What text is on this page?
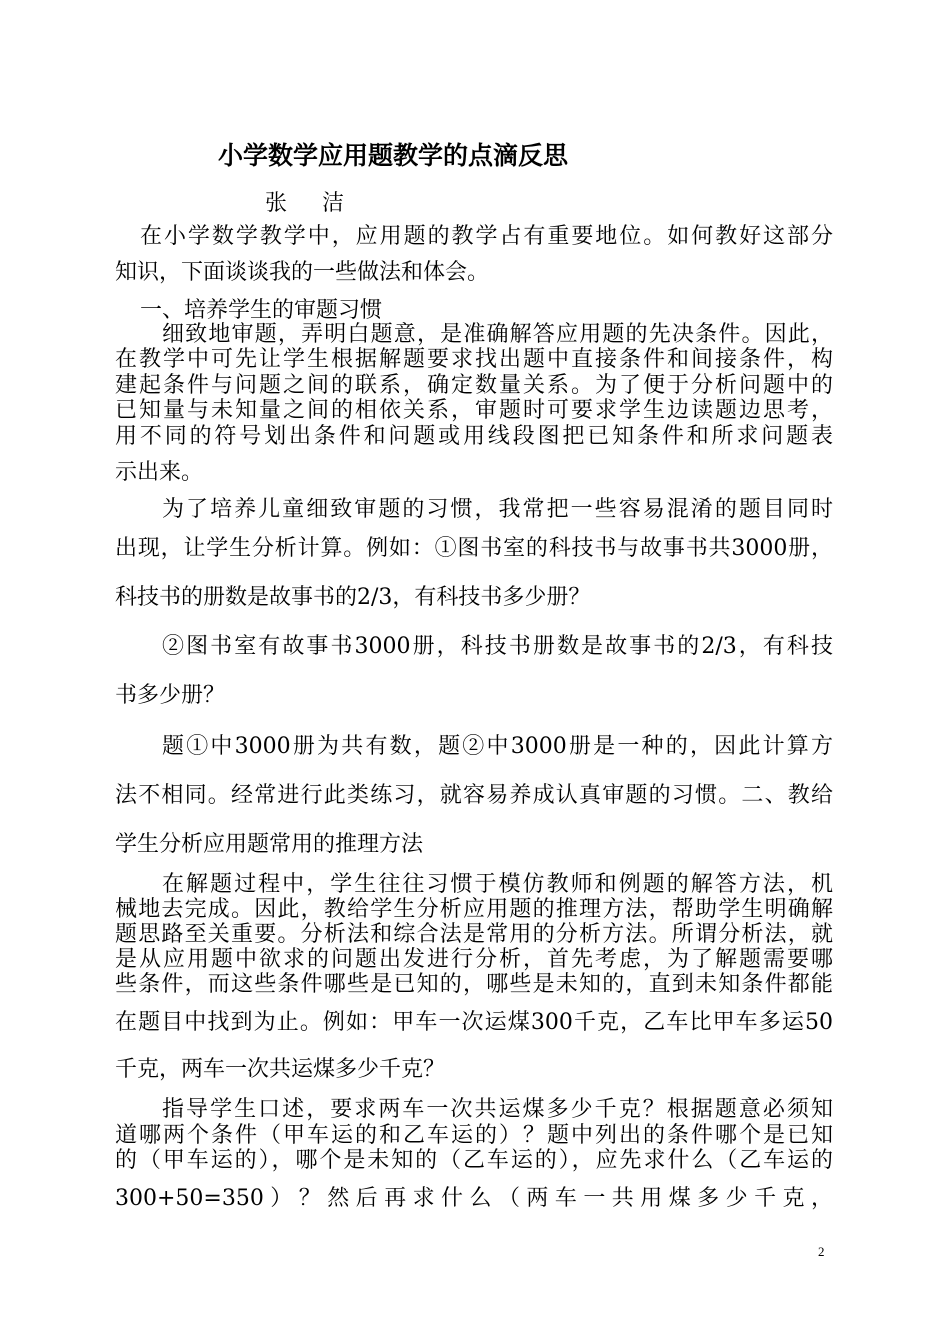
小学数学应用题教学的点滴反思
张 洁
在小学数学教学中，应用题的教学占有重要地位。如何教好这部分
知识，下面谈谈我的一些做法和体会。
一、培养学生的审题习惯
细致地审题，弄明白题意，是准确解答应用题的先决条件。因此，
在教学中可先让学生根据解题要求找出题中直接条件和间接条件，构
建起条件与问题之间的联系，确定数量关系。为了便于分析问题中的
已知量与未知量之间的相依关系，审题时可要求学生边读题边思考，
用不同的符号划出条件和问题或用线段图把已知条件和所求问题表
示出来。
为了培养儿童细致审题的习惯，我常把一些容易混淆的题目同时
出现，让学生分析计算。例如：①图书室的科技书与故事书共3000册，
科技书的册数是故事书的2/3，有科技书多少册？
②图书室有故事书3000册，科技书册数是故事书的2/3，有科技
书多少册？
题①中3000册为共有数，题②中3000册是一种的，因此计算方
法不相同。经常进行此类练习，就容易养成认真审题的习惯。二、教给
学生分析应用题常用的推理方法
在解题过程中，学生往往习惯于模仿教师和例题的解答方法，机
械地去完成。因此，教给学生分析应用题的推理方法，帮助学生明确解
题思路至关重要。分析法和综合法是常用的分析方法。所谓分析法，就
是从应用题中欲求的问题出发进行分析，首先考虑，为了解题需要哪
些条件，而这些条件哪些是已知的，哪些是未知的，直到未知条件都能
在题目中找到为止。例如：甲车一次运煤300千克，乙车比甲车多运50
千克，两车一次共运煤多少千克？
指导学生口述，要求两车一次共运煤多少千克？根据题意必须知
道哪两个条件（甲车运的和乙车运的）？题中列出的条件哪个是已知
的（甲车运的），哪个是未知的（乙车运的），应先求什么（乙车运的
300+50=350）？然后再求什么（两车一共用煤多少千克，
2
